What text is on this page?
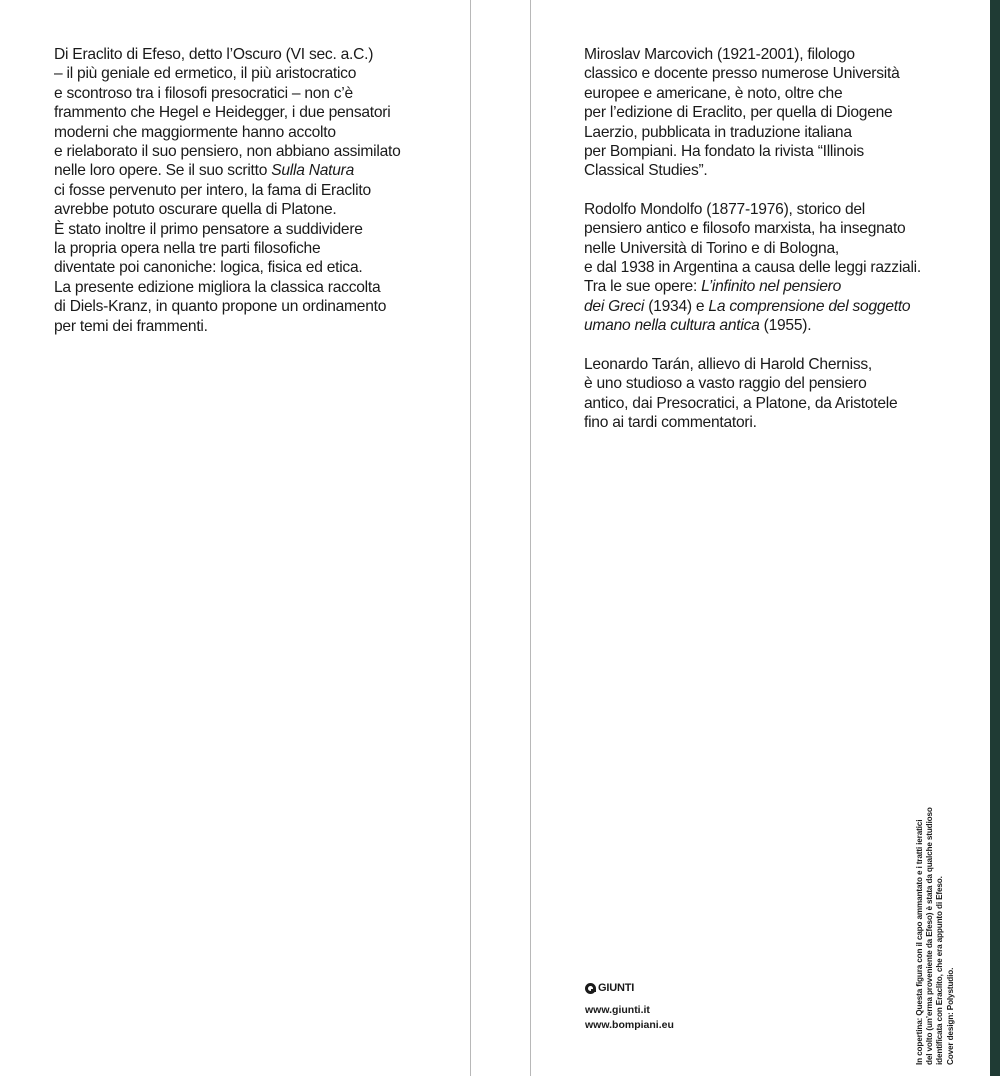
Di Eraclito di Efeso, detto l’Oscuro (VI sec. a.C.)
– il più geniale ed ermetico, il più aristocratico
e scontroso tra i filosofi presocratici – non c’è
frammento che Hegel e Heidegger, i due pensatori
moderni che maggiormente hanno accolto
e rielaborato il suo pensiero, non abbiano assimilato
nelle loro opere. Se il suo scritto Sulla Natura
ci fosse pervenuto per intero, la fama di Eraclito
avrebbe potuto oscurare quella di Platone.
È stato inoltre il primo pensatore a suddividere
la propria opera nella tre parti filosofiche
diventate poi canoniche: logica, fisica ed etica.
La presente edizione migliora la classica raccolta
di Diels-Kranz, in quanto propone un ordinamento
per temi dei frammenti.
Miroslav Marcovich (1921-2001), filologo
classico e docente presso numerose Università
europee e americane, è noto, oltre che
per l’edizione di Eraclito, per quella di Diogene
Laerzio, pubblicata in traduzione italiana
per Bompiani. Ha fondato la rivista “Illinois
Classical Studies”.
Rodolfo Mondolfo (1877-1976), storico del
pensiero antico e filosofo marxista, ha insegnato
nelle Università di Torino e di Bologna,
e dal 1938 in Argentina a causa delle leggi razziali.
Tra le sue opere: L’infinito nel pensiero
dei Greci (1934) e La comprensione del soggetto
umano nella cultura antica (1955).
Leonardo Tarán, allievo di Harold Cherniss,
è uno studioso a vasto raggio del pensiero
antico, dai Presocratici, a Platone, da Aristotele
fino ai tardi commentatori.
GIUNTI
www.giunti.it
www.bompiani.eu	In copertina: Questa figura con il capo ammantato e i tratti ieratici del volto (un’erma proveniente da Efeso) è stata da qualche studioso identificata con Eraclito, che era appunto di Efeso. Cover design: Polystudio.
